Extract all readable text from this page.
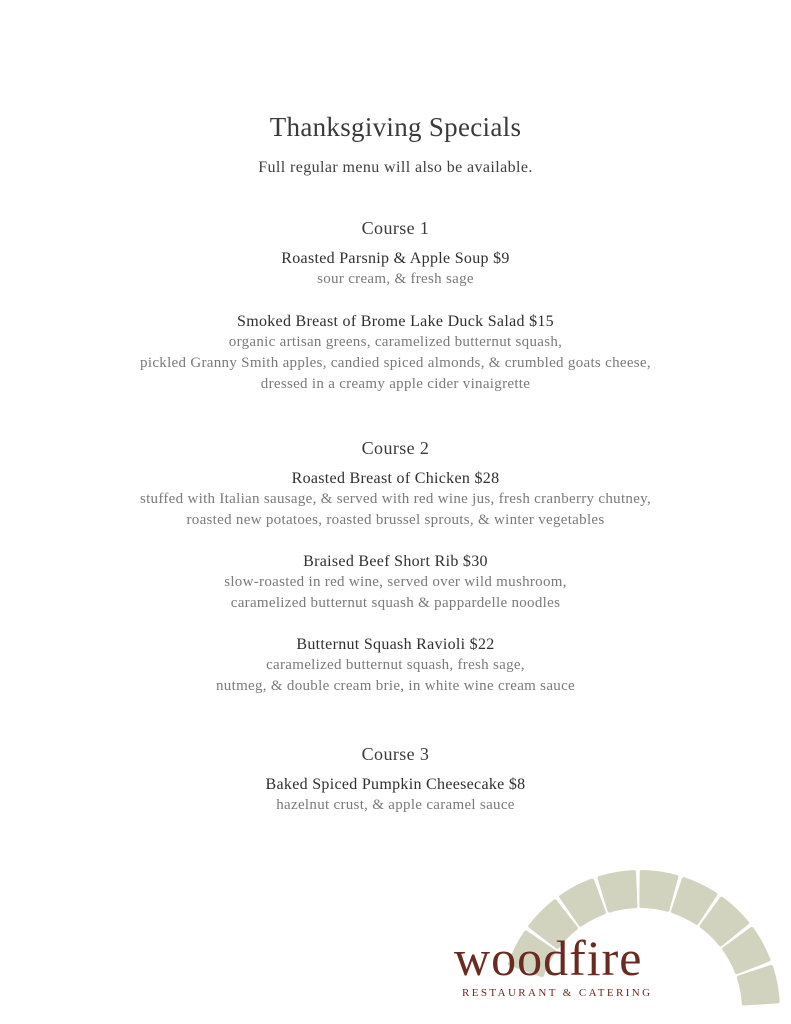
Thanksgiving Specials
Full regular menu will also be available.
Course 1
Roasted Parsnip & Apple Soup $9
sour cream, & fresh sage
Smoked Breast of Brome Lake Duck Salad $15
organic artisan greens, caramelized butternut squash,
pickled Granny Smith apples, candied spiced almonds, & crumbled goats cheese,
dressed in a creamy apple cider vinaigrette
Course 2
Roasted Breast of Chicken $28
stuffed with Italian sausage, & served with red wine jus, fresh cranberry chutney,
roasted new potatoes, roasted brussel sprouts, & winter vegetables
Braised Beef Short Rib $30
slow-roasted in red wine, served over wild mushroom,
caramelized butternut squash & pappardelle noodles
Butternut Squash Ravioli $22
caramelized butternut squash, fresh sage,
nutmeg, & double cream brie, in white wine cream sauce
Course 3
Baked Spiced Pumpkin Cheesecake $8
hazelnut crust, & apple caramel sauce
woodfire
RESTAURANT & CATERING
